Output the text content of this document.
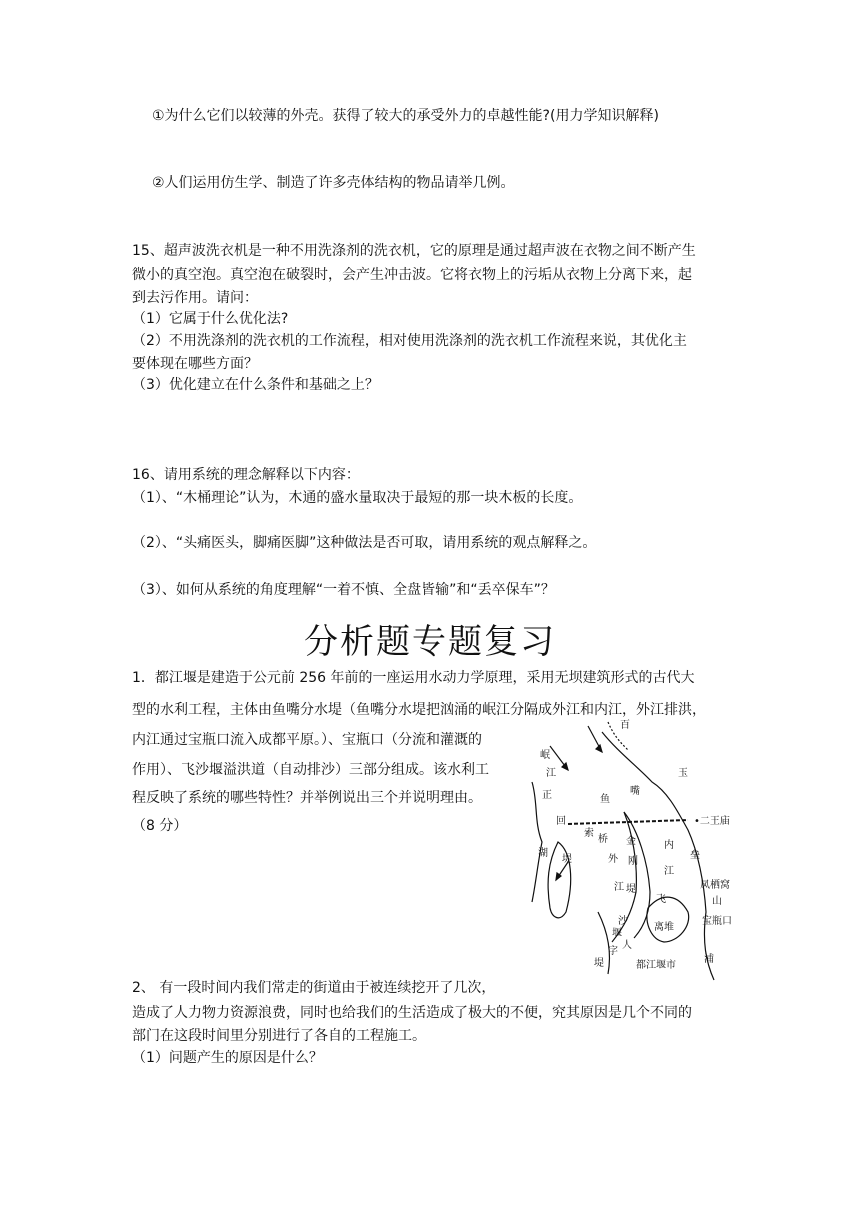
①为什么它们以较薄的外壳。获得了较大的承受外力的卓越性能?(用力学知识解释)
②人们运用仿生学、制造了许多壳体结构的物品请举几例。
15、超声波洗衣机是一种不用洗涤剂的洗衣机，它的原理是通过超声波在衣物之间不断产生
微小的真空泡。真空泡在破裂时，会产生冲击波。它将衣物上的污垢从衣物上分离下来，起
到去污作用。请问：
（1）它属于什么优化法?
（2）不用洗涤剂的洗衣机的工作流程，相对使用洗涤剂的洗衣机工作流程来说，其优化主
要体现在哪些方面？
（3）优化建立在什么条件和基础之上？
16、请用系统的理念解释以下内容：
（1）、“木桶理论”认为，木通的盛水量取决于最短的那一块木板的长度。
（2）、“头痛医头，脚痛医脚”这种做法是否可取，请用系统的观点解释之。
（3）、如何从系统的角度理解“一着不慎、全盘皆输”和“丢卒保车”？
分析题专题复习
1．都江堰是建造于公元前 256 年前的一座运用水动力学原理，采用无坝建筑形式的古代大
型的水利工程，主体由鱼嘴分水堤（鱼嘴分水堤把汹涌的岷江分隔成外江和内江，外江排洪，
内江通过宝瓶口流入成都平原。）、宝瓶口（分流和灌溉的
作用）、飞沙堰溢洪道（自动排沙）三部分组成。该水利工
程反映了系统的哪些特性？并举例说出三个并说明理由。
（8 分）
百
岷
江
鱼
嘴
玉
•二王庙
正
回
索
桥 金
刚
堤
内
江
垒
湖
堤	外
江
飞
沙
堰
人
字
堤
凤栖窝
山
离堆
宝瓶口
都江堰市
浦
2、 有一段时间内我们常走的街道由于被连续挖开了几次，
造成了人力物力资源浪费，同时也给我们的生活造成了极大的不便，究其原因是几个不同的
部门在这段时间里分别进行了各自的工程施工。
（1）问题产生的原因是什么？
